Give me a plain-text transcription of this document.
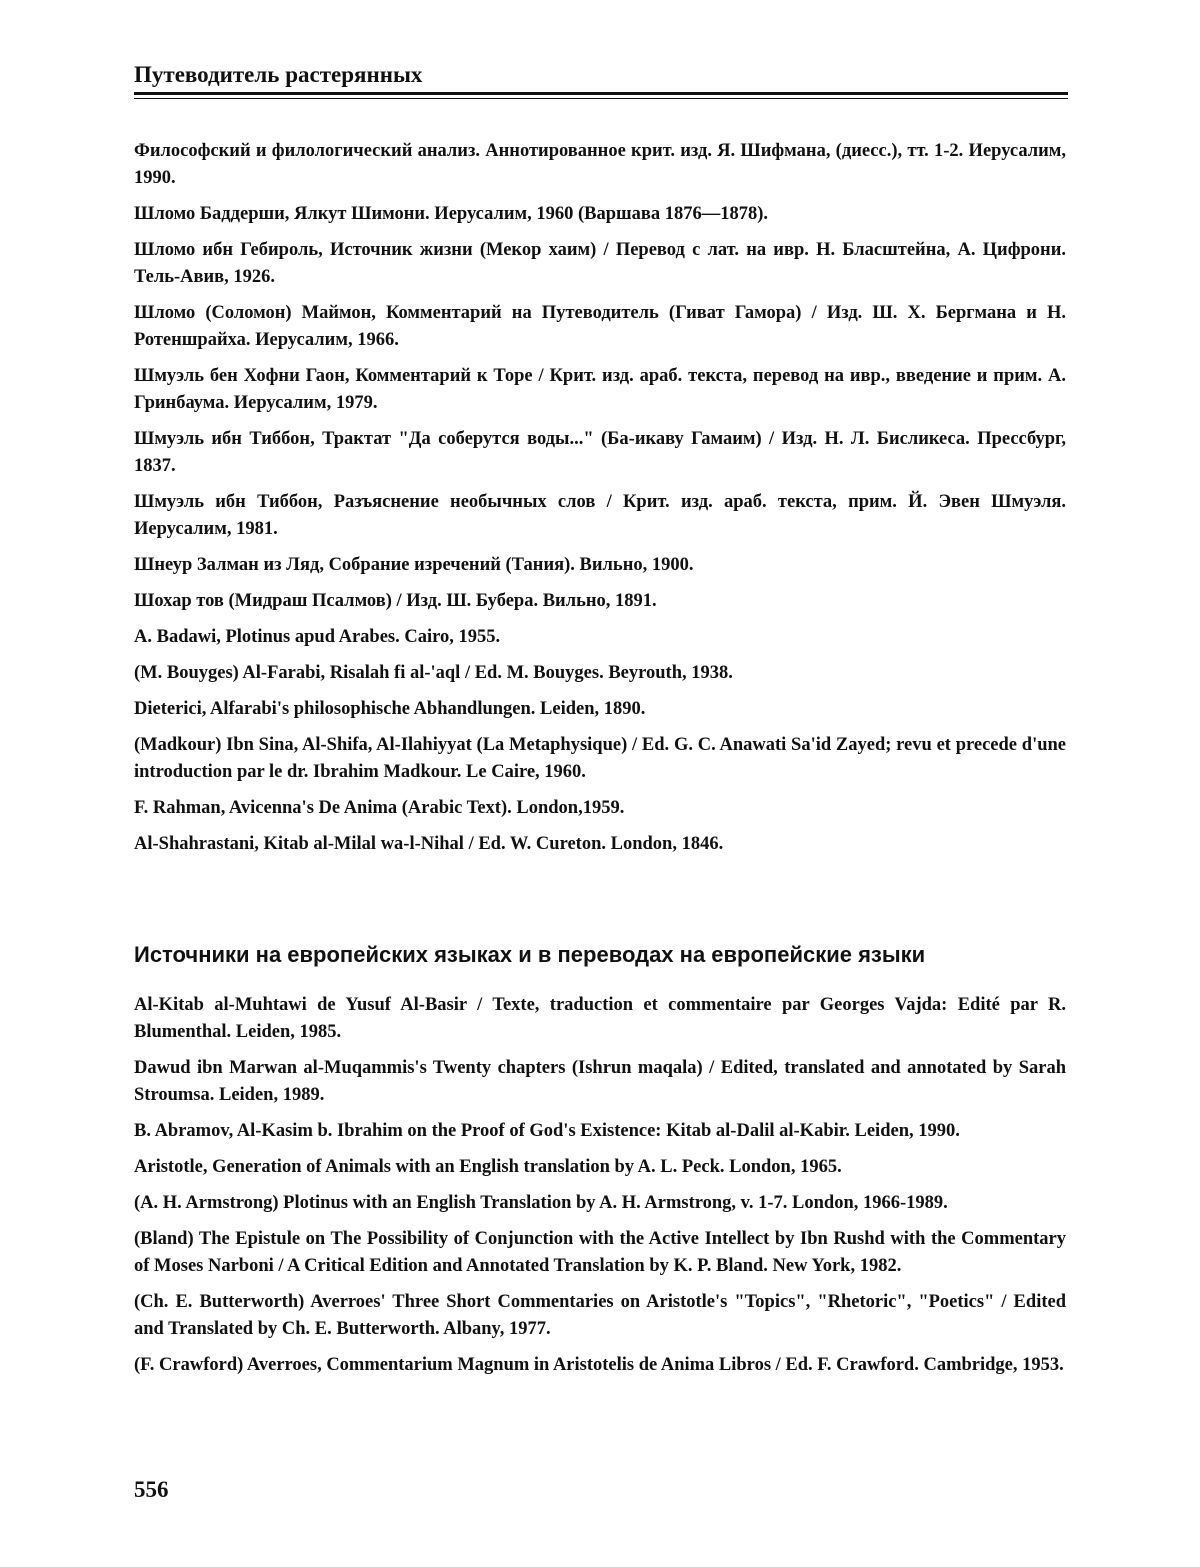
Путеводитель растерянных

Философский и филологический анализ. Аннотированное крит. изд. Я. Шифмана, (диесс.), тт. 1-2. Иерусалим, 1990.

Шломо Баддерши, Ялкут Шимони. Иерусалим, 1960 (Варшава 1876—1878).

Шломо ибн Гебироль, Источник жизни (Мекор хаим) / Перевод с лат. на ивр. Н. Бласштейна, А. Цифрони. Тель-Авив, 1926.

Шломо (Соломон) Маймон, Комментарий на Путеводитель (Гиват Гамора) / Изд. Ш. Х. Бергмана и Н. Ротеншрайха. Иерусалим, 1966.

Шмуэль бен Хофни Гаон, Комментарий к Торе / Крит. изд. араб. текста, перевод на ивр., введение и прим. А. Гринбаума. Иерусалим, 1979.

Шмуэль ибн Тиббон, Трактат "Да соберутся воды..." (Ба-икаву Гамаим) / Изд. Н. Л. Бисликеса. Прессбург, 1837.

Шмуэль ибн Тиббон, Разъяснение необычных слов / Крит. изд. араб. текста, прим. Й. Эвен Шмуэля. Иерусалим, 1981.

Шнеур Залман из Ляд, Собрание изречений (Тания). Вильно, 1900.

Шохар тов (Мидраш Псалмов) / Изд. Ш. Бубера. Вильно, 1891.

A. Badawi, Plotinus apud Arabes. Cairo, 1955.

(M. Bouyges) Al-Farabi, Risalah fi al-'aql / Ed. M. Bouyges. Beyrouth, 1938.

Dieterici, Alfarabi's philosophische Abhandlungen. Leiden, 1890.

(Madkour) Ibn Sina, Al-Shifa, Al-Ilahiyyat (La Metaphysique) / Ed. G. C. Anawati Sa'id Zayed; revu et precede d'une introduction par le dr. Ibrahim Madkour. Le Caire, 1960.

F. Rahman, Avicenna's De Anima (Arabic Text). London,1959.

Al-Shahrastani, Kitab al-Milal wa-l-Nihal / Ed. W. Cureton. London, 1846.

Источники на европейских языках и в переводах на европейские языки

Al-Kitab al-Muhtawi de Yusuf Al-Basir / Texte, traduction et commentaire par Georges Vajda: Edité par R. Blumenthal. Leiden, 1985.

Dawud ibn Marwan al-Muqammis's Twenty chapters (Ishrun maqala) / Edited, translated and annotated by Sarah Stroumsa. Leiden, 1989.

B. Abramov, Al-Kasim b. Ibrahim on the Proof of God's Existence: Kitab al-Dalil al-Kabir. Leiden, 1990.

Aristotle, Generation of Animals with an English translation by A. L. Peck. London, 1965.

(A. H. Armstrong) Plotinus with an English Translation by A. H. Armstrong, v. 1-7. London, 1966-1989.

(Bland) The Epistule on The Possibility of Conjunction with the Active Intellect by Ibn Rushd with the Commentary of Moses Narboni / A Critical Edition and Annotated Translation by K. P. Bland. New York, 1982.

(Ch. E. Butterworth) Averroes' Three Short Commentaries on Aristotle's "Topics", "Rhetoric", "Poetics" / Edited and Translated by Ch. E. Butterworth. Albany, 1977.

(F. Crawford) Averroes, Commentarium Magnum in Aristotelis de Anima Libros / Ed. F. Crawford. Cambridge, 1953.

556
